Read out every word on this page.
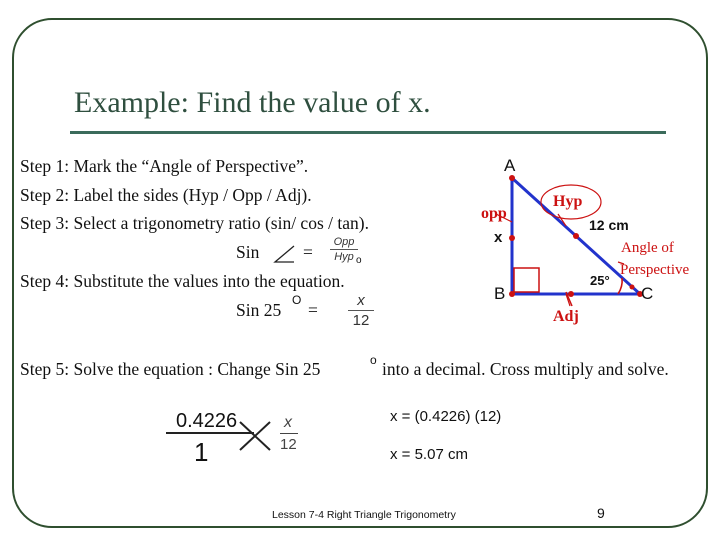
Example: Find the value of x.
Step 1: Mark the “Angle of Perspective”.
Step 2: Label the sides (Hyp / Opp / Adj).
Step 3: Select a trigonometry ratio (sin/ cos / tan).
Sin =	Opp
Hyp o
Step 4: Substitute the values into the equation.
Sin 25 O =	x
12
A
B	C
x
12 cm
25°
opp
Hyp
Adj
Angle of
Perspective
Step 5: Solve the equation : Change Sin 25	o into a decimal. Cross multiply and solve.
0.4226
1
x
12
x = (0.4226) (12)
x = 5.07 cm
Lesson 7-4 Right Triangle Trigonometry	9
